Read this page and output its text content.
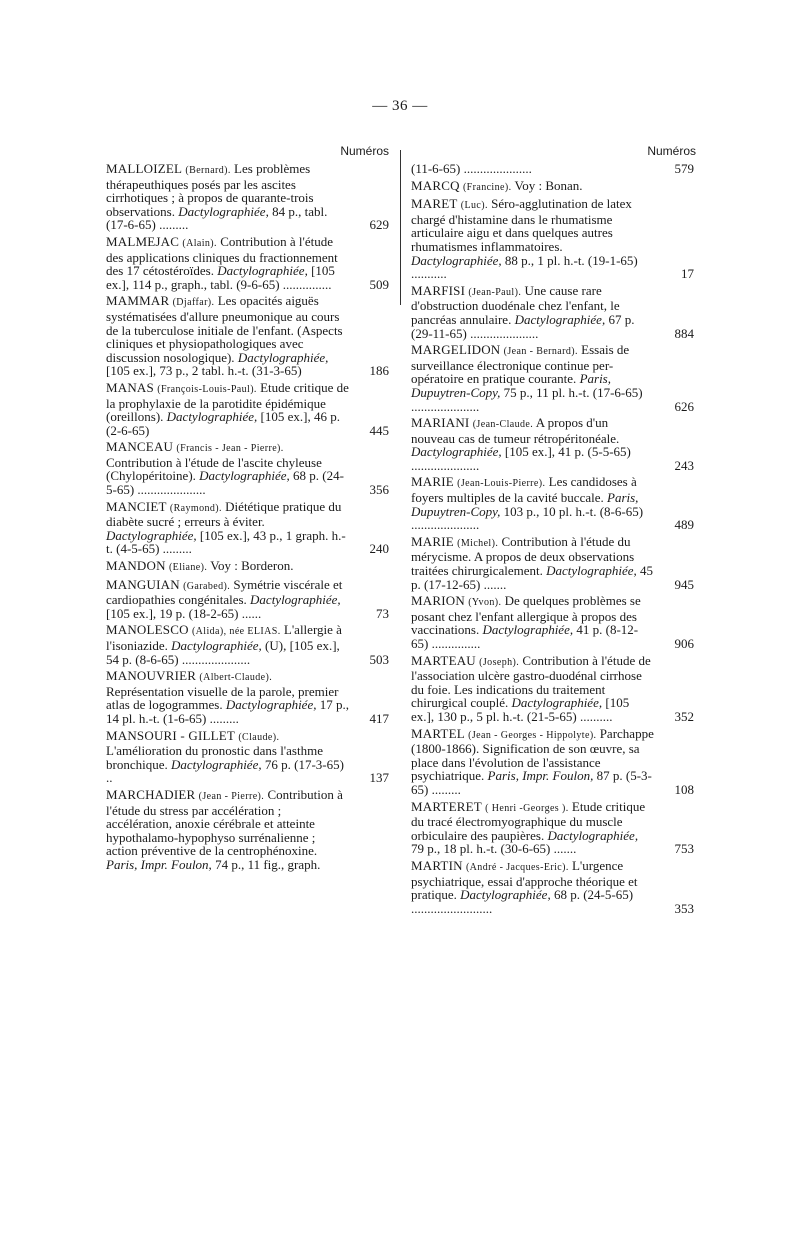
— 36 —
Numéros
MALLOIZEL (Bernard). Les problèmes thérapeuthiques posés par les ascites cirrhotiques ; à propos de quarante-trois observations. Dactylographiée, 84 p., tabl. (17-6-65) .........	629
MALMEJAC (Alain). Contribution à l'étude des applications cliniques du fractionnement des 17 cétostéroïdes. Dactylographiée, [105 ex.], 114 p., graph., tabl. (9-6-65) ...............	509
MAMMAR (Djaffar). Les opacités aiguës systématisées d'allure pneumonique au cours de la tuberculose initiale de l'enfant. (Aspects cliniques et physiopathologiques avec discussion nosologique). Dactylographiée, [105 ex.], 73 p., 2 tabl. h.-t. (31-3-65)	186
MANAS (François-Louis-Paul). Etude critique de la prophylaxie de la parotidite épidémique (oreillons). Dactylographiée, [105 ex.], 46 p. (2-6-65)	445
MANCEAU (Francis - Jean - Pierre). Contribution à l'étude de l'ascite chyleuse (Chylopéritoine). Dactylographiée, 68 p. (24-5-65) .....................	356
MANCIET (Raymond). Diététique pratique du diabète sucré ; erreurs à éviter. Dactylographiée, [105 ex.], 43 p., 1 graph. h.-t. (4-5-65) .........	240
MANDON (Eliane). Voy : Borderon.
MANGUIAN (Garabed). Symétrie viscérale et cardiopathies congénitales. Dactylographiée, [105 ex.], 19 p. (18-2-65) ......	73
MANOLESCO (Alida), née ELIAS. L'allergie à l'isoniazide. Dactylographiée, (U), [105 ex.], 54 p. (8-6-65) .....................	503
MANOUVRIER (Albert-Claude). Représentation visuelle de la parole, premier atlas de logogrammes. Dactylographiée, 17 p., 14 pl. h.-t. (1-6-65) .........	417
MANSOURI - GILLET (Claude). L'amélioration du pronostic dans l'asthme bronchique. Dactylographiée, 76 p. (17-3-65) ..	137
MARCHADIER (Jean - Pierre). Contribution à l'étude du stress par accélération ; accélération, anoxie cérébrale et atteinte hypothalamo-hypophyso surrénalienne ; action préventive de la centrophénoxine. Paris, Impr. Foulon, 74 p., 11 fig., graph.
Numéros
(11-6-65) .....................	579
MARCQ (Francine). Voy : Bonan.
MARET (Luc). Séro-agglutination de latex chargé d'histamine dans le rhumatisme articulaire aigu et dans quelques autres rhumatismes inflammatoires. Dactylographiée, 88 p., 1 pl. h.-t. (19-1-65) ...........	17
MARFISI (Jean-Paul). Une cause rare d'obstruction duodénale chez l'enfant, le pancréas annulaire. Dactylographiée, 67 p. (29-11-65) .....................	884
MARGELIDON (Jean - Bernard). Essais de surveillance électronique continue per-opératoire en pratique courante. Paris, Dupuytren-Copy, 75 p., 11 pl. h.-t. (17-6-65) .....................	626
MARIANI (Jean-Claude. A propos d'un nouveau cas de tumeur rétropéritonéale. Dactylographiée, [105 ex.], 41 p. (5-5-65) .....................	243
MARIE (Jean-Louis-Pierre). Les candidoses à foyers multiples de la cavité buccale. Paris, Dupuytren-Copy, 103 p., 10 pl. h.-t. (8-6-65) .....................	489
MARIE (Michel). Contribution à l'étude du mérycisme. A propos de deux observations traitées chirurgicalement. Dactylographiée, 45 p. (17-12-65) .......	945
MARION (Yvon). De quelques problèmes se posant chez l'enfant allergique à propos des vaccinations. Dactylographiée, 41 p. (8-12-65) ...............	906
MARTEAU (Joseph). Contribution à l'étude de l'association ulcère gastro-duodénal cirrhose du foie. Les indications du traitement chirurgical couplé. Dactylographiée, [105 ex.], 130 p., 5 pl. h.-t. (21-5-65) ..........	352
MARTEL (Jean - Georges - Hippolyte). Parchappe (1800-1866). Signification de son œuvre, sa place dans l'évolution de l'assistance psychiatrique. Paris, Impr. Foulon, 87 p. (5-3-65) .........	108
MARTERET ( Henri -Georges ). Etude critique du tracé électromyographique du muscle orbiculaire des paupières. Dactylographiée, 79 p., 18 pl. h.-t. (30-6-65) .......	753
MARTIN (André - Jacques-Eric). L'urgence psychiatrique, essai d'approche théorique et pratique. Dactylographiée, 68 p. (24-5-65) .........................	353
